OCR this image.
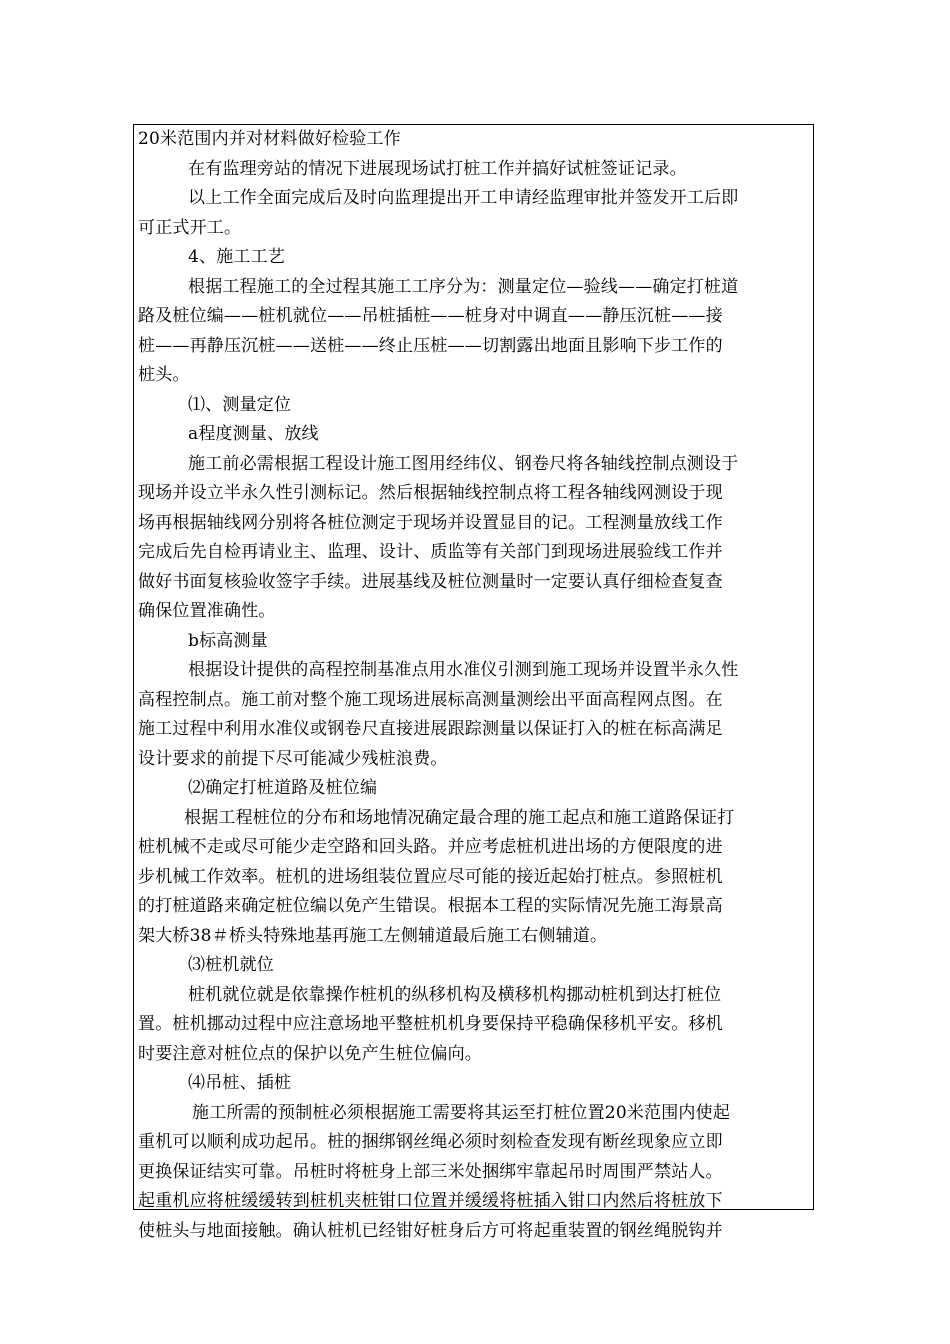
20米范围内并对材料做好检验工作
在有监理旁站的情况下进展现场试打桩工作并搞好试桩签证记录。
以上工作全面完成后及时向监理提出开工申请经监理审批并签发开工后即
可正式开工。
4、施工工艺
根据工程施工的全过程其施工工序分为：测量定位—验线——确定打桩道
路及桩位编——桩机就位——吊桩插桩——桩身对中调直——静压沉桩——接
桩——再静压沉桩——送桩——终止压桩——切割露出地面且影响下步工作的
桩头。
⑴、测量定位
a程度测量、放线
施工前必需根据工程设计施工图用经纬仪、钢卷尺将各轴线控制点测设于
现场并设立半永久性引测标记。然后根据轴线控制点将工程各轴线网测设于现
场再根据轴线网分别将各桩位测定于现场并设置显目的记。工程测量放线工作
完成后先自检再请业主、监理、设计、质监等有关部门到现场进展验线工作并
做好书面复核验收签字手续。进展基线及桩位测量时一定要认真仔细检查复查
确保位置准确性。
b标高测量
根据设计提供的高程控制基准点用水准仪引测到施工现场并设置半永久性
高程控制点。施工前对整个施工现场进展标高测量测绘出平面高程网点图。在
施工过程中利用水准仪或钢卷尺直接进展跟踪测量以保证打入的桩在标高满足
设计要求的前提下尽可能减少残桩浪费。
⑵确定打桩道路及桩位编
根据工程桩位的分布和场地情况确定最合理的施工起点和施工道路保证打
桩机械不走或尽可能少走空路和回头路。并应考虑桩机进出场的方便限度的进
步机械工作效率。桩机的进场组装位置应尽可能的接近起始打桩点。参照桩机
的打桩道路来确定桩位编以免产生错误。根据本工程的实际情况先施工海景高
架大桥38＃桥头特殊地基再施工左侧辅道最后施工右侧辅道。
⑶桩机就位
桩机就位就是依靠操作桩机的纵移机构及横移机构挪动桩机到达打桩位
置。桩机挪动过程中应注意场地平整桩机机身要保持平稳确保移机平安。移机
时要注意对桩位点的保护以免产生桩位偏向。
⑷吊桩、插桩
施工所需的预制桩必须根据施工需要将其运至打桩位置20米范围内使起
重机可以顺利成功起吊。桩的捆绑钢丝绳必须时刻检查发现有断丝现象应立即
更换保证结实可靠。吊桩时将桩身上部三米处捆绑牢靠起吊时周围严禁站人。
起重机应将桩缓缓转到桩机夹桩钳口位置并缓缓将桩插入钳口内然后将桩放下
使桩头与地面接触。确认桩机已经钳好桩身后方可将起重装置的钢丝绳脱钩并
